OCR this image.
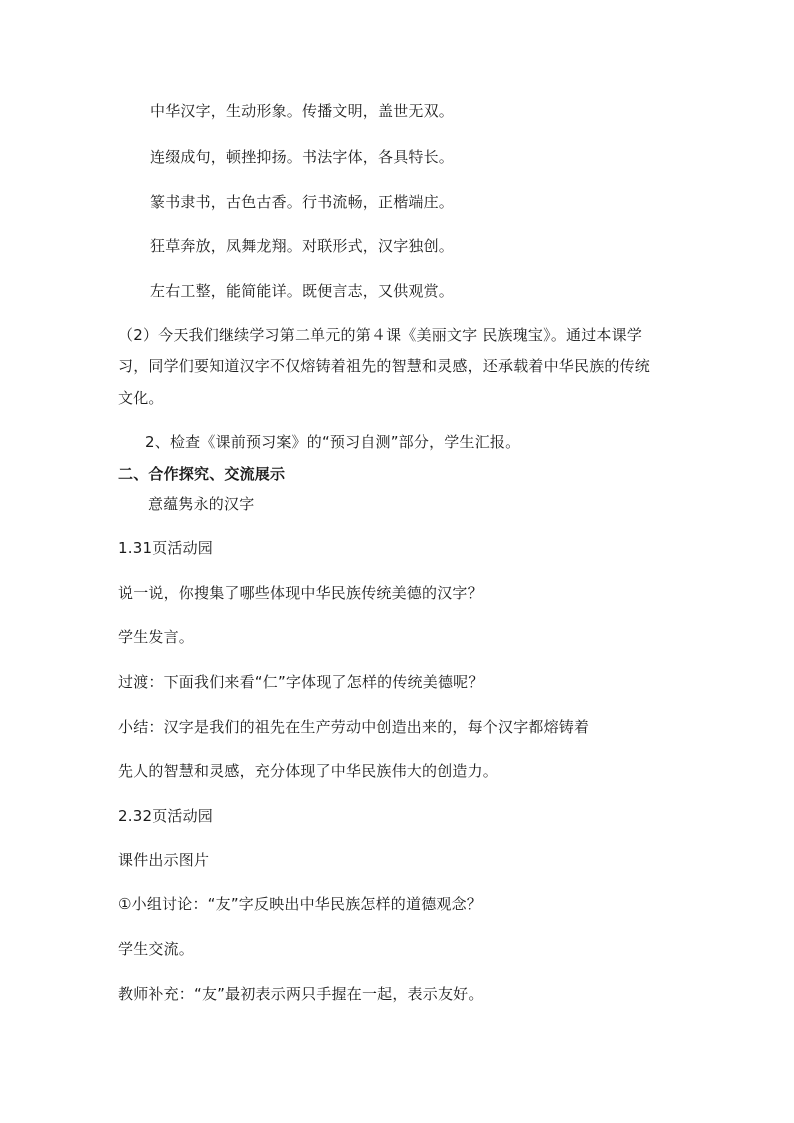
中华汉字，生动形象。传播文明，盖世无双。
连缀成句，顿挫抑扬。书法字体，各具特长。
篆书隶书，古色古香。行书流畅，正楷端庄。
狂草奔放，凤舞龙翔。对联形式，汉字独创。
左右工整，能简能详。既便言志，又供观赏。
（2）今天我们继续学习第二单元的第４课《美丽文字 民族瑰宝》。通过本课学
习，同学们要知道汉字不仅熔铸着祖先的智慧和灵感，还承载着中华民族的传统
文化。
2、检查《课前预习案》的“预习自测”部分，学生汇报。
二、合作探究、交流展示
意蕴隽永的汉字
1.31页活动园
说一说，你搜集了哪些体现中华民族传统美德的汉字？
学生发言。
过渡：下面我们来看“仁”字体现了怎样的传统美德呢？
小结：汉字是我们的祖先在生产劳动中创造出来的，每个汉字都熔铸着
先人的智慧和灵感，充分体现了中华民族伟大的创造力。
2.32页活动园
课件出示图片
①小组讨论：“友”字反映出中华民族怎样的道德观念？
学生交流。
教师补充：“友”最初表示两只手握在一起，表示友好。
